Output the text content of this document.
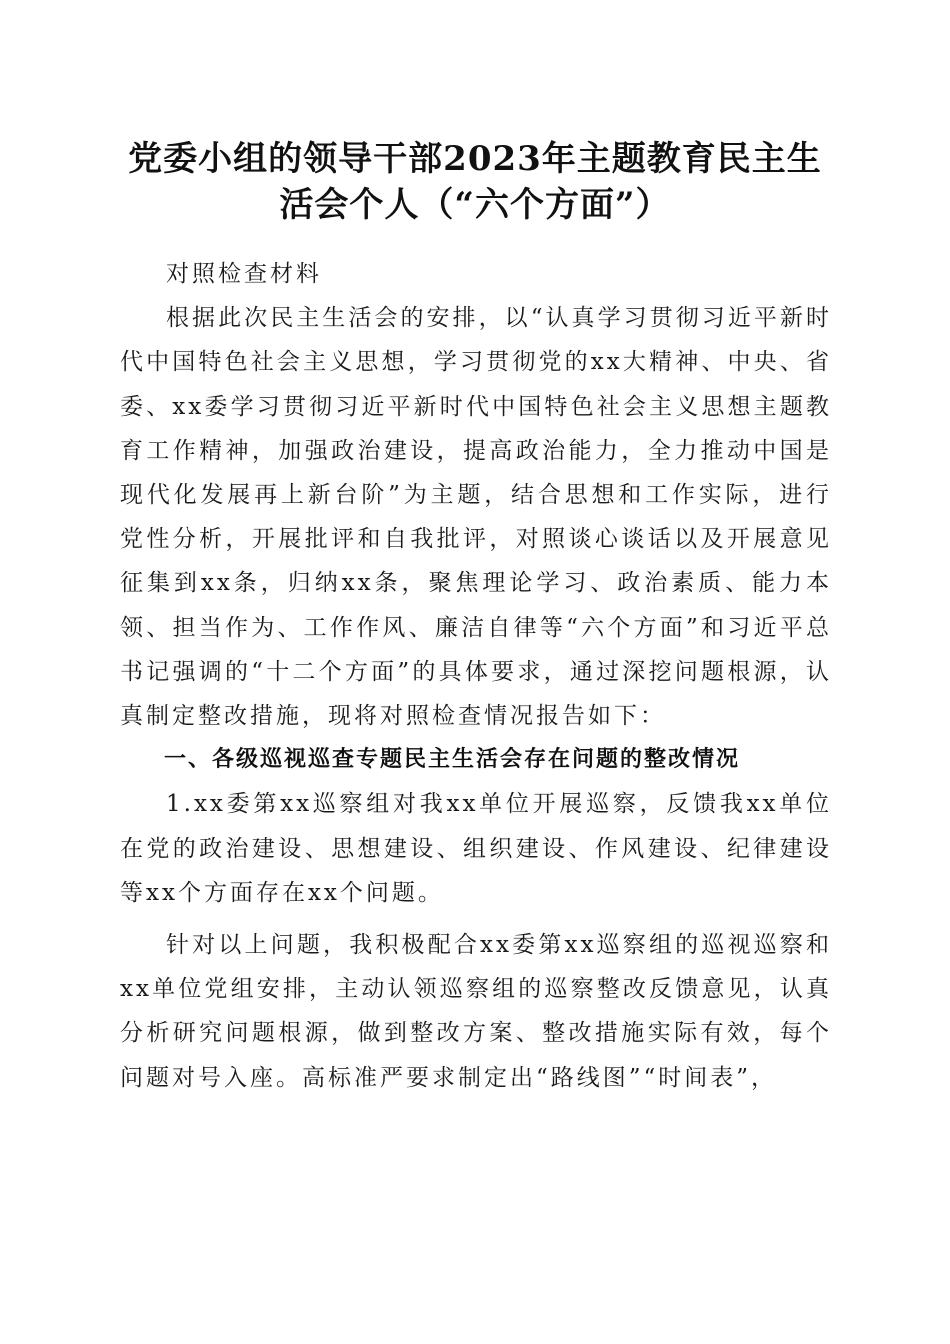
党委小组的领导干部2023年主题教育民主生
活会个人（“六个方面”）

对照检查材料

根据此次民主生活会的安排，以“认真学习贯彻习近平新时代中国特色社会主义思想，学习贯彻党的xx大精神、中央、省委、xx委学习贯彻习近平新时代中国特色社会主义思想主题教育工作精神，加强政治建设，提高政治能力，全力推动中国是现代化发展再上新台阶”为主题，结合思想和工作实际，进行党性分析，开展批评和自我批评，对照谈心谈话以及开展意见征集到xx条，归纳xx条，聚焦理论学习、政治素质、能力本领、担当作为、工作作风、廉洁自律等“六个方面”和习近平总书记强调的“十二个方面”的具体要求，通过深挖问题根源，认真制定整改措施，现将对照检查情况报告如下：

一、各级巡视巡查专题民主生活会存在问题的整改情况

1.xx委第xx巡察组对我xx单位开展巡察，反馈我xx单位在党的政治建设、思想建设、组织建设、作风建设、纪律建设等xx个方面存在xx个问题。

针对以上问题，我积极配合xx委第xx巡察组的巡视巡察和xx单位党组安排，主动认领巡察组的巡察整改反馈意见，认真分析研究问题根源，做到整改方案、整改措施实际有效，每个问题对号入座。高标准严要求制定出“路线图”“时间表”，
